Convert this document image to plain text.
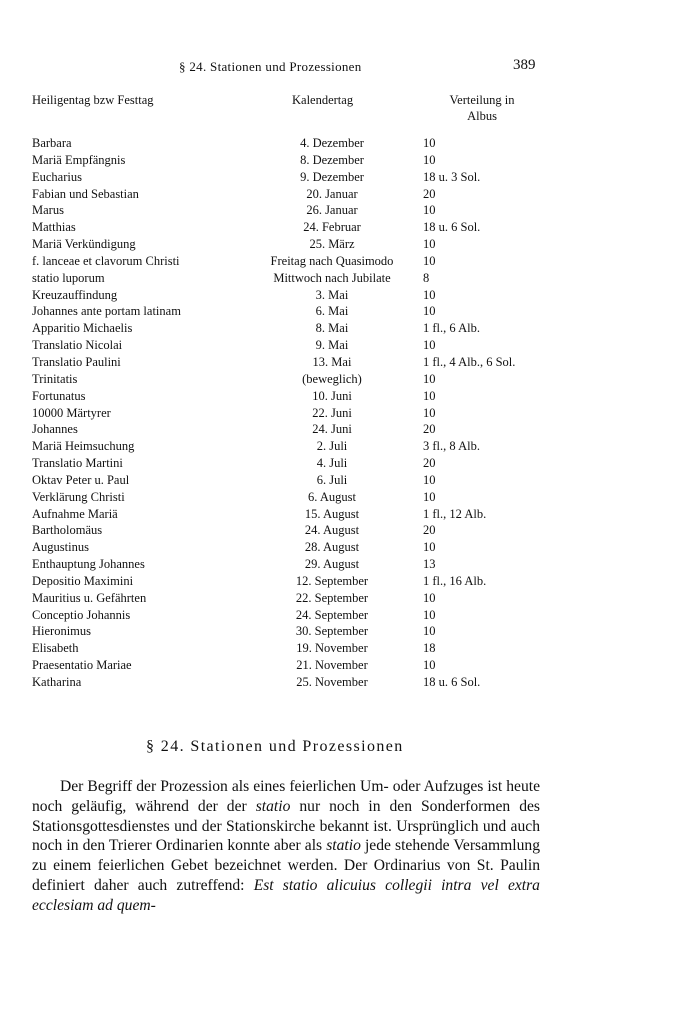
§ 24. Stationen und Prozessionen	389
Heiligentag bzw Festtag	Kalendertag	Verteilung in
Albus
Barbara	4. Dezember	10
Mariä Empfängnis	8. Dezember	10
Eucharius	9. Dezember	18 u. 3 Sol.
Fabian und Sebastian	20. Januar	20
Marus	26. Januar	10
Matthias	24. Februar	18 u. 6 Sol.
Mariä Verkündigung	25. März	10
f. lanceae et clavorum Christi	Freitag nach Quasimodo	10
statio luporum	Mittwoch nach Jubilate	8
Kreuzauffindung	3. Mai	10
Johannes ante portam latinam	6. Mai	10
Apparitio Michaelis	8. Mai	1 fl., 6 Alb.
Translatio Nicolai	9. Mai	10
Translatio Paulini	13. Mai	1 fl., 4 Alb., 6 Sol.
Trinitatis	(beweglich)	10
Fortunatus	10. Juni	10
10000 Märtyrer	22. Juni	10
Johannes	24. Juni	20
Mariä Heimsuchung	2. Juli	3 fl., 8 Alb.
Translatio Martini	4. Juli	20
Oktav Peter u. Paul	6. Juli	10
Verklärung Christi	6. August	10
Aufnahme Mariä	15. August	1 fl., 12 Alb.
Bartholomäus	24. August	20
Augustinus	28. August	10
Enthauptung Johannes	29. August	13
Depositio Maximini	12. September	1 fl., 16 Alb.
Mauritius u. Gefährten	22. September	10
Conceptio Johannis	24. September	10
Hieronimus	30. September	10
Elisabeth	19. November	18
Praesentatio Mariae	21. November	10
Katharina	25. November	18 u. 6 Sol.
§ 24. Stationen und Prozessionen

Der Begriff der Prozession als eines feierlichen Um- oder Aufzuges ist heute noch geläufig, während der der statio nur noch in den Sonderformen des Stationsgottesdienstes und der Stationskirche bekannt ist. Ursprünglich und auch noch in den Trierer Ordinarien konnte aber als statio jede stehende Versammlung zu einem feierlichen Gebet bezeichnet werden. Der Ordinarius von St. Paulin definiert daher auch zutreffend: Est statio alicuius collegii intra vel extra ecclesiam ad quem-
